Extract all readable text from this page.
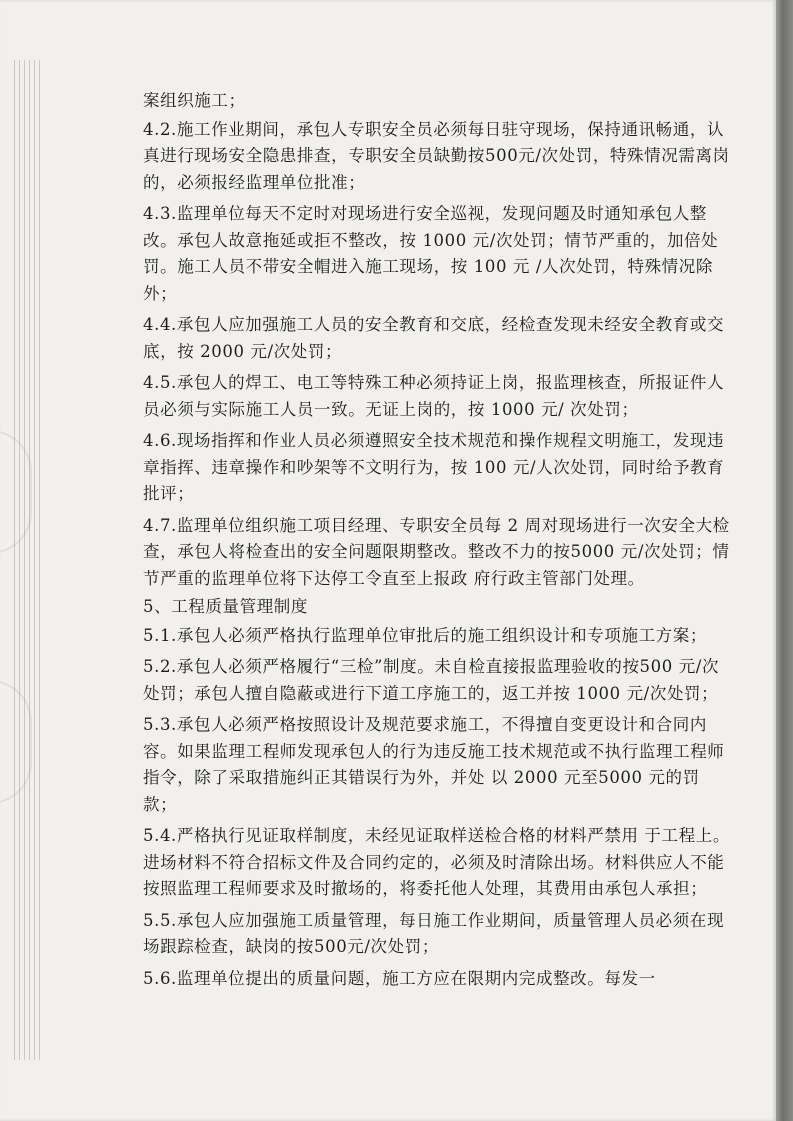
案组织施工；

4.2.施工作业期间，承包人专职安全员必须每日驻守现场，保持通讯畅通，认真进行现场安全隐患排查，专职安全员缺勤按500元/次处罚，特殊情况需离岗的，必须报经监理单位批准；

4.3.监理单位每天不定时对现场进行安全巡视，发现问题及时通知承包人整改。承包人故意拖延或拒不整改，按 1000 元/次处罚；情节严重的，加倍处罚。施工人员不带安全帽进入施工现场，按 100 元 /人次处罚，特殊情况除外；

4.4.承包人应加强施工人员的安全教育和交底，经检查发现未经安全教育或交底，按 2000 元/次处罚；

4.5.承包人的焊工、电工等特殊工种必须持证上岗，报监理核查，所报证件人员必须与实际施工人员一致。无证上岗的，按 1000 元/ 次处罚；

4.6.现场指挥和作业人员必须遵照安全技术规范和操作规程文明施工，发现违章指挥、违章操作和吵架等不文明行为，按 100 元/人次处罚，同时给予教育批评；

4.7.监理单位组织施工项目经理、专职安全员每 2 周对现场进行一次安全大检查，承包人将检查出的安全问题限期整改。整改不力的按5000 元/次处罚；情节严重的监理单位将下达停工令直至上报政 府行政主管部门处理。

5、工程质量管理制度

5.1.承包人必须严格执行监理单位审批后的施工组织设计和专项施工方案；

5.2.承包人必须严格履行“三检”制度。未自检直接报监理验收的按500 元/次处罚；承包人擅自隐蔽或进行下道工序施工的，返工并按 1000 元/次处罚；

5.3.承包人必须严格按照设计及规范要求施工，不得擅自变更设计和合同内容。如果监理工程师发现承包人的行为违反施工技术规范或不执行监理工程师指令，除了采取措施纠正其错误行为外，并处 以 2000 元至5000 元的罚款；

5.4.严格执行见证取样制度，未经见证取样送检合格的材料严禁用 于工程上。进场材料不符合招标文件及合同约定的，必须及时清除出场。材料供应人不能按照监理工程师要求及时撤场的，将委托他人处理，其费用由承包人承担；

5.5.承包人应加强施工质量管理，每日施工作业期间，质量管理人员必须在现场跟踪检查，缺岗的按500元/次处罚；

5.6.监理单位提出的质量问题，施工方应在限期内完成整改。每发一
